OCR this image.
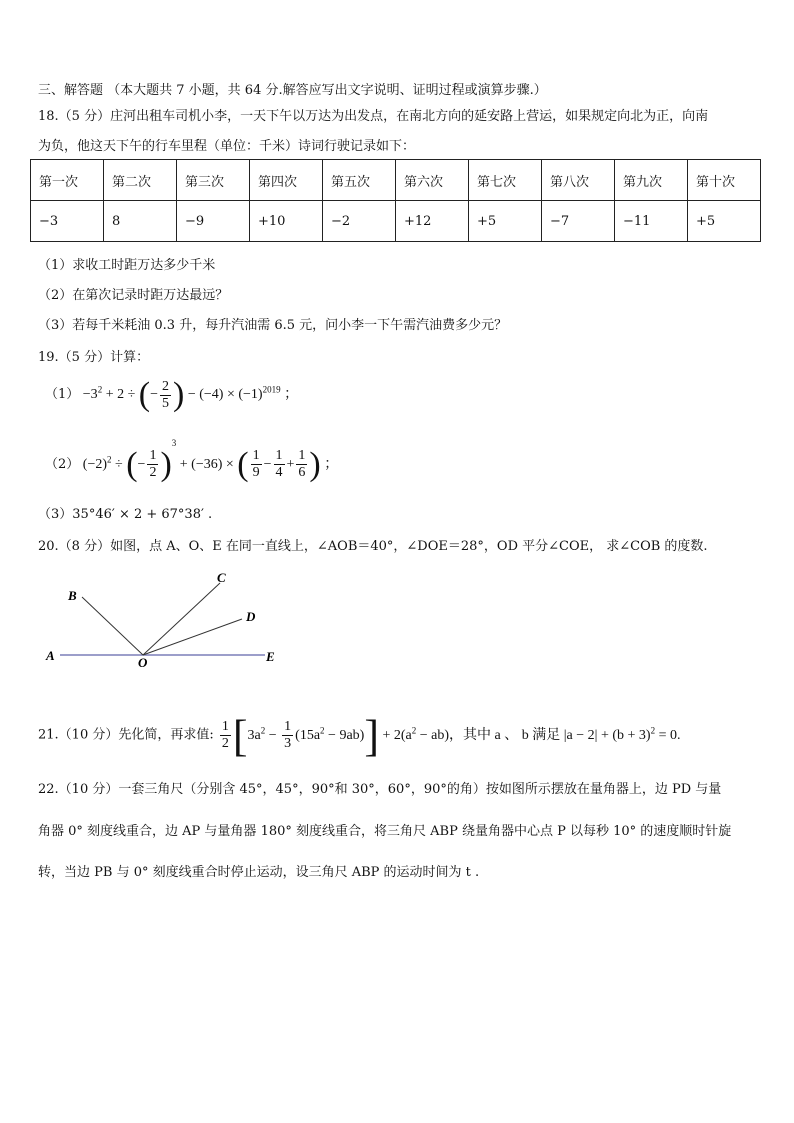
三、解答题 （本大题共 7 小题，共 64 分.解答应写出文字说明、证明过程或演算步骤.）
18.（5 分）庄河出租车司机小李，一天下午以万达为出发点，在南北方向的延安路上营运，如果规定向北为正，向南
为负，他这天下午的行车里程（单位：千米）诗词行驶记录如下：
第一次	第二次	第三次	第四次	第五次	第六次	第七次	第八次	第九次	第十次
−3	8	−9	+10	−2	+12	+5	−7	−11	+5
（1）求收工时距万达多少千米
（2）在第次记录时距万达最远？
（3）若每千米耗油 0.3 升，每升汽油需 6.5 元，问小李一下午需汽油费多少元？
19.（5 分）计算：
$(1) -3^2 + 2$ ÷ (− $\frac{2}{5}$ ) − $(-4) \times (-1)^{2019}$ ；
（2） $(-2)^2$ ÷ (− $\frac{1}{2} )^3 + (-36)$ × ( $\frac{1}{9} - \frac{1}{4} + \frac{1}{6}$ ) ；
（3）35°46′ × 2 + 67°38′ .
20.（8 分）如图，点 A、O、E 在同一直线上，∠AOB＝40°，∠DOE＝28°，OD 平分∠COE， 求∠COB 的度数.
A
B
C
D
E
O
21.（10 分）先化简，再求值: $\frac{1}{2} [3a^2 - \frac{1}{3} (15a^2 - 9ab)] + 2(a^2 - ab)$，其中 a 、 b 满足 $|a - 2| + (b + 3)^2 = 0$.
22.（10 分）一套三角尺（分别含 45°，45°，90°和 30°，60°，90°的角）按如图所示摆放在量角器上，边 PD 与量
角器 0° 刻度线重合，边 AP 与量角器 180° 刻度线重合，将三角尺 ABP 绕量角器中心点 P 以每秒 10° 的速度顺时针旋
转，当边 PB 与 0° 刻度线重合时停止运动，设三角尺 ABP 的运动时间为 t .
